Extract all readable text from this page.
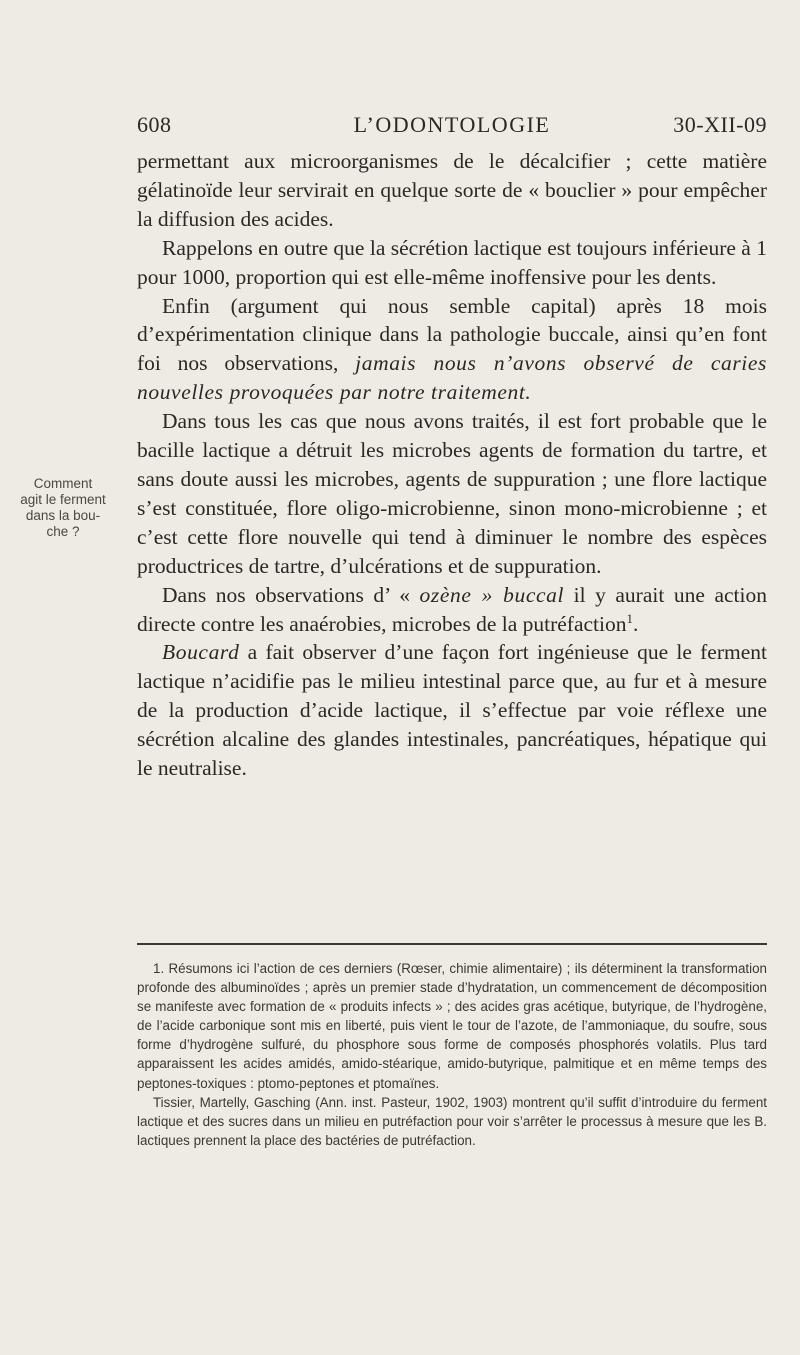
608	L’ODONTOLOGIE	30-XII-09
Comment
agit le ferment
dans la bou-
che ?

permettant aux microorganismes de le décalcifier ; cette matière gélatinoïde leur servirait en quelque sorte de « bouclier » pour empêcher la diffusion des acides.

Rappelons en outre que la sécrétion lactique est toujours inférieure à 1 pour 1000, proportion qui est elle-même inoffensive pour les dents.

Enfin (argument qui nous semble capital) après 18 mois d’expérimentation clinique dans la pathologie buccale, ainsi qu’en font foi nos observations, jamais nous n’avons observé de caries nouvelles provoquées par notre traitement.

Dans tous les cas que nous avons traités, il est fort probable que le bacille lactique a détruit les microbes agents de formation du tartre, et sans doute aussi les microbes, agents de suppuration ; une flore lactique s’est constituée, flore oligo-microbienne, sinon mono-microbienne ; et c’est cette flore nouvelle qui tend à diminuer le nombre des espèces productrices de tartre, d’ulcérations et de suppuration.

Dans nos observations d’ « ozène » buccal il y aurait une action directe contre les anaérobies, microbes de la putréfaction$^1$.

Boucard a fait observer d’une façon fort ingénieuse que le ferment lactique n’acidifie pas le milieu intestinal parce que, au fur et à mesure de la production d’acide lactique, il s’effectue par voie réflexe une sécrétion alcaline des glandes intestinales, pancréatiques, hépatique qui le neutralise.

1. Résumons ici l’action de ces derniers (Rœser, chimie alimentaire) ; ils déterminent la transformation profonde des albuminoïdes ; après un premier stade d’hydratation, un commencement de décomposition se manifeste avec formation de « produits infects » ; des acides gras acétique, butyrique, de l’hydrogène, de l’acide carbonique sont mis en liberté, puis vient le tour de l’azote, de l’ammoniaque, du soufre, sous forme d’hydrogène sulfuré, du phosphore sous forme de composés phosphorés volatils. Plus tard apparaissent les acides amidés, amido-stéarique, amido-butyrique, palmitique et en même temps des peptones-toxiques : ptomo-peptones et ptomaïnes.

Tissier, Martelly, Gasching (Ann. inst. Pasteur, 1902, 1903) montrent qu’il suffit d’introduire du ferment lactique et des sucres dans un milieu en putréfaction pour voir s’arrêter le processus à mesure que les B. lactiques prennent la place des bactéries de putréfaction.
